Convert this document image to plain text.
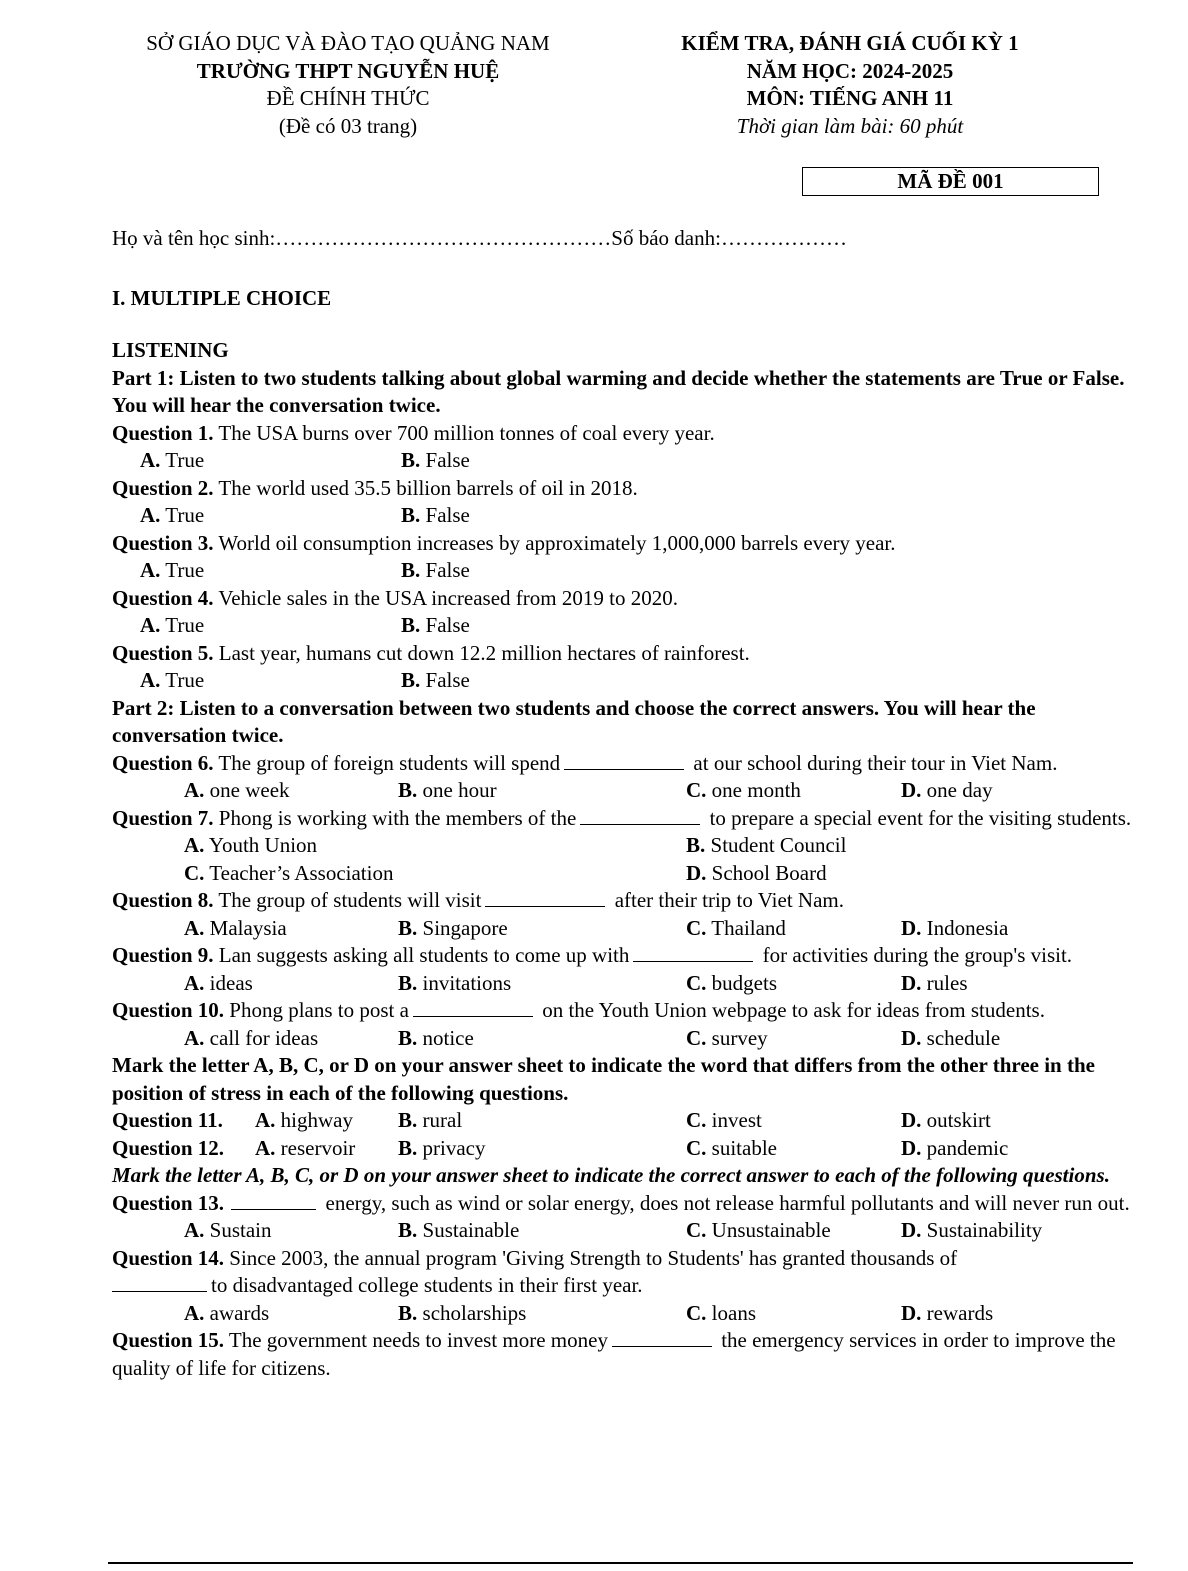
SỞ GIÁO DỤC VÀ ĐÀO TẠO QUẢNG NAM
TRƯỜNG THPT NGUYỄN HUỆ
ĐỀ CHÍNH THỨC
(Đề có 03 trang)
KIỂM TRA, ĐÁNH GIÁ CUỐI KỲ 1
NĂM HỌC: 2024-2025
MÔN: TIẾNG ANH 11
Thời gian làm bài: 60 phút
MÃ ĐỀ 001

Họ và tên học sinh:…………………………………………Số báo danh:………………

I. MULTIPLE CHOICE

LISTENING

Part 1: Listen to two students talking about global warming and decide whether the statements are True or False. You will hear the conversation twice.

Question 1. The USA burns over 700 million tonnes of coal every year.

A. True	B. False

Question 2. The world used 35.5 billion barrels of oil in 2018.

A. True	B. False

Question 3. World oil consumption increases by approximately 1,000,000 barrels every year.

A. True	B. False

Question 4. Vehicle sales in the USA increased from 2019 to 2020.

A. True	B. False

Question 5. Last year, humans cut down 12.2 million hectares of rainforest.

A. True	B. False

Part 2: Listen to a conversation between two students and choose the correct answers. You will hear the conversation twice.

Question 6. The group of foreign students will spend	at our school during their tour in Viet Nam.

A. one week	B. one hour	C. one month	D. one day

Question 7. Phong is working with the members of the	to prepare a special event for the visiting students.

A. Youth Union	B. Student Council
C. Teacher’s Association	D. School Board

Question 8. The group of students will visit	after their trip to Viet Nam.

A. Malaysia	B. Singapore	C. Thailand	D. Indonesia

Question 9. Lan suggests asking all students to come up with	for activities during the group's visit.

A. ideas	B. invitations	C. budgets	D. rules

Question 10. Phong plans to post a	on the Youth Union webpage to ask for ideas from students.

A. call for ideas	B. notice	C. survey	D. schedule

Mark the letter A, B, C, or D on your answer sheet to indicate the word that differs from the other three in the position of stress in each of the following questions.

Question 11. A. highway B. rural	C. invest	D. outskirt
Question 12. A. reservoir B. privacy	C. suitable	D. pandemic

Mark the letter A, B, C, or D on your answer sheet to indicate the correct answer to each of the following questions.

Question 13.	energy, such as wind or solar energy, does not release harmful pollutants and will never run out.

A. Sustain	B. Sustainable	C. Unsustainable	D. Sustainability

Question 14. Since 2003, the annual program 'Giving Strength to Students' has granted thousands of
to disadvantaged college students in their first year.

A. awards	B. scholarships	C. loans	D. rewards

Question 15. The government needs to invest more money	the emergency services in order to improve the quality of life for citizens.
